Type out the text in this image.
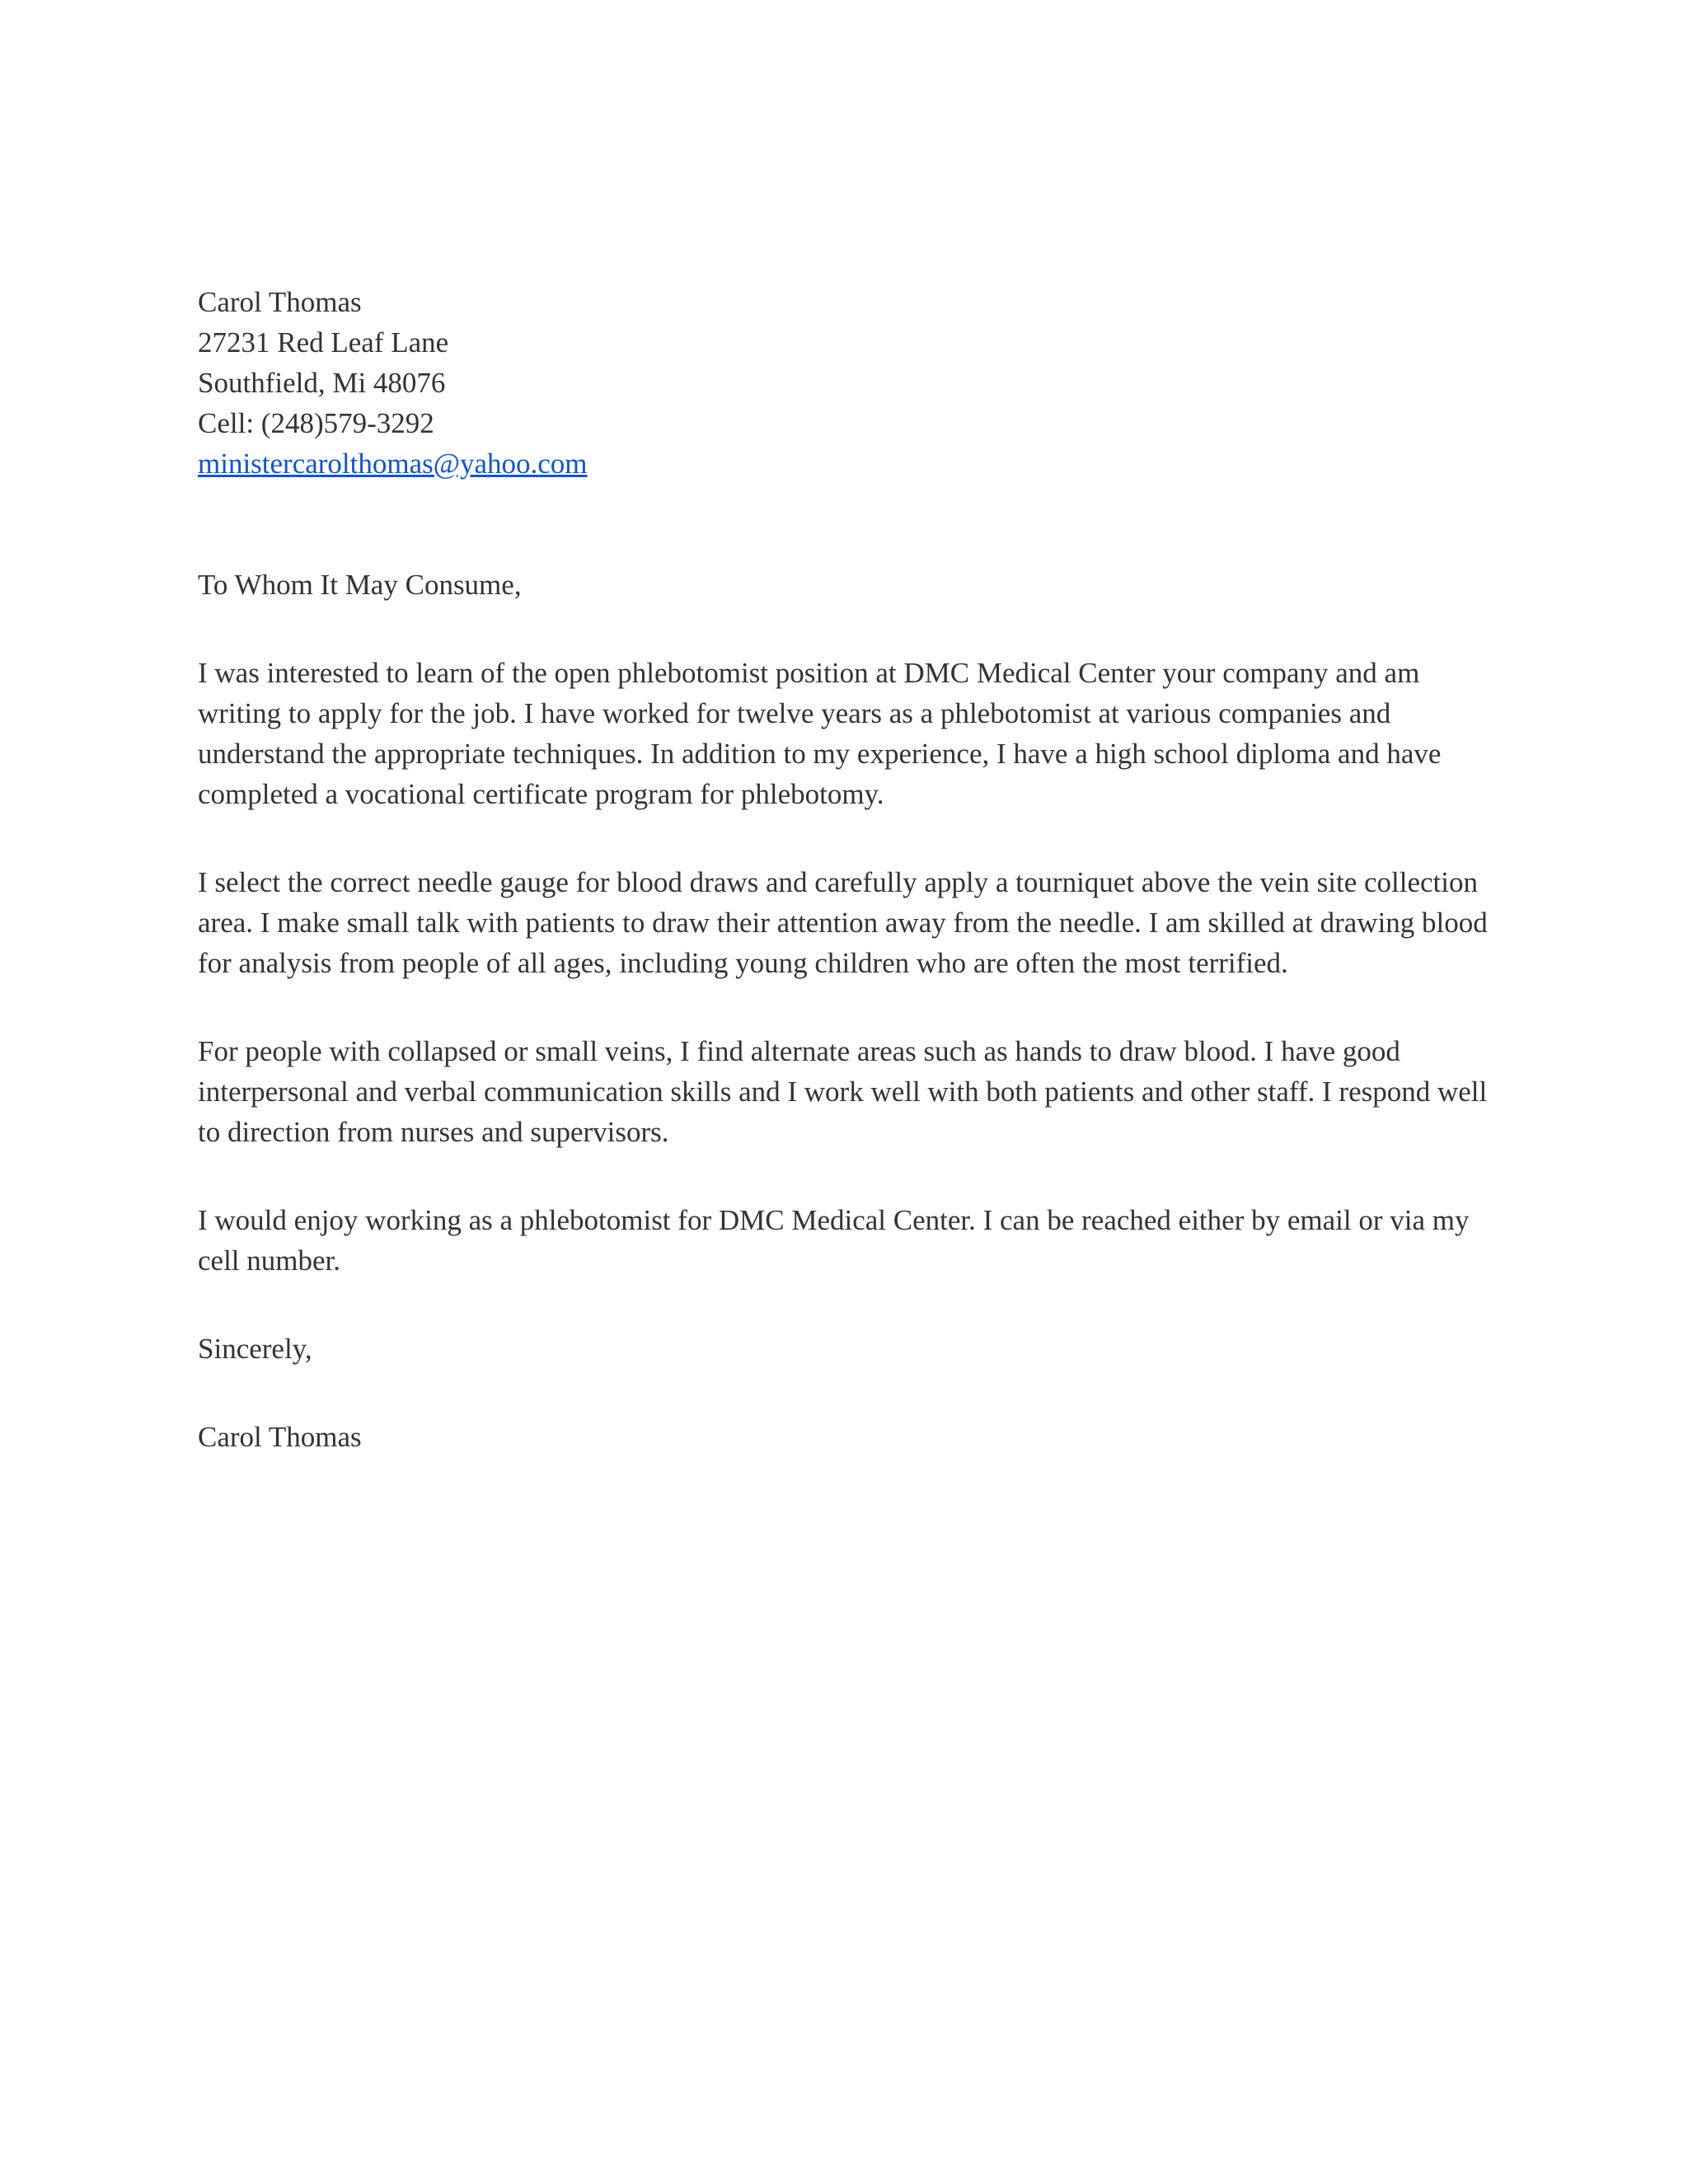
Carol Thomas
27231 Red Leaf Lane
Southfield, Mi 48076
Cell: (248)579-3292
ministercarolthomas@yahoo.com

To Whom It May Consume,

I was interested to learn of the open phlebotomist position at DMC Medical Center your company and am writing to apply for the job. I have worked for twelve years as a phlebotomist at various companies and understand the appropriate techniques. In addition to my experience, I have a high school diploma and have completed a vocational certificate program for phlebotomy.

I select the correct needle gauge for blood draws and carefully apply a tourniquet above the vein site collection area. I make small talk with patients to draw their attention away from the needle. I am skilled at drawing blood for analysis from people of all ages, including young children who are often the most terrified.

For people with collapsed or small veins, I find alternate areas such as hands to draw blood. I have good interpersonal and verbal communication skills and I work well with both patients and other staff. I respond well to direction from nurses and supervisors.

I would enjoy working as a phlebotomist for DMC Medical Center. I can be reached either by email or via my cell number.

Sincerely,

Carol Thomas
